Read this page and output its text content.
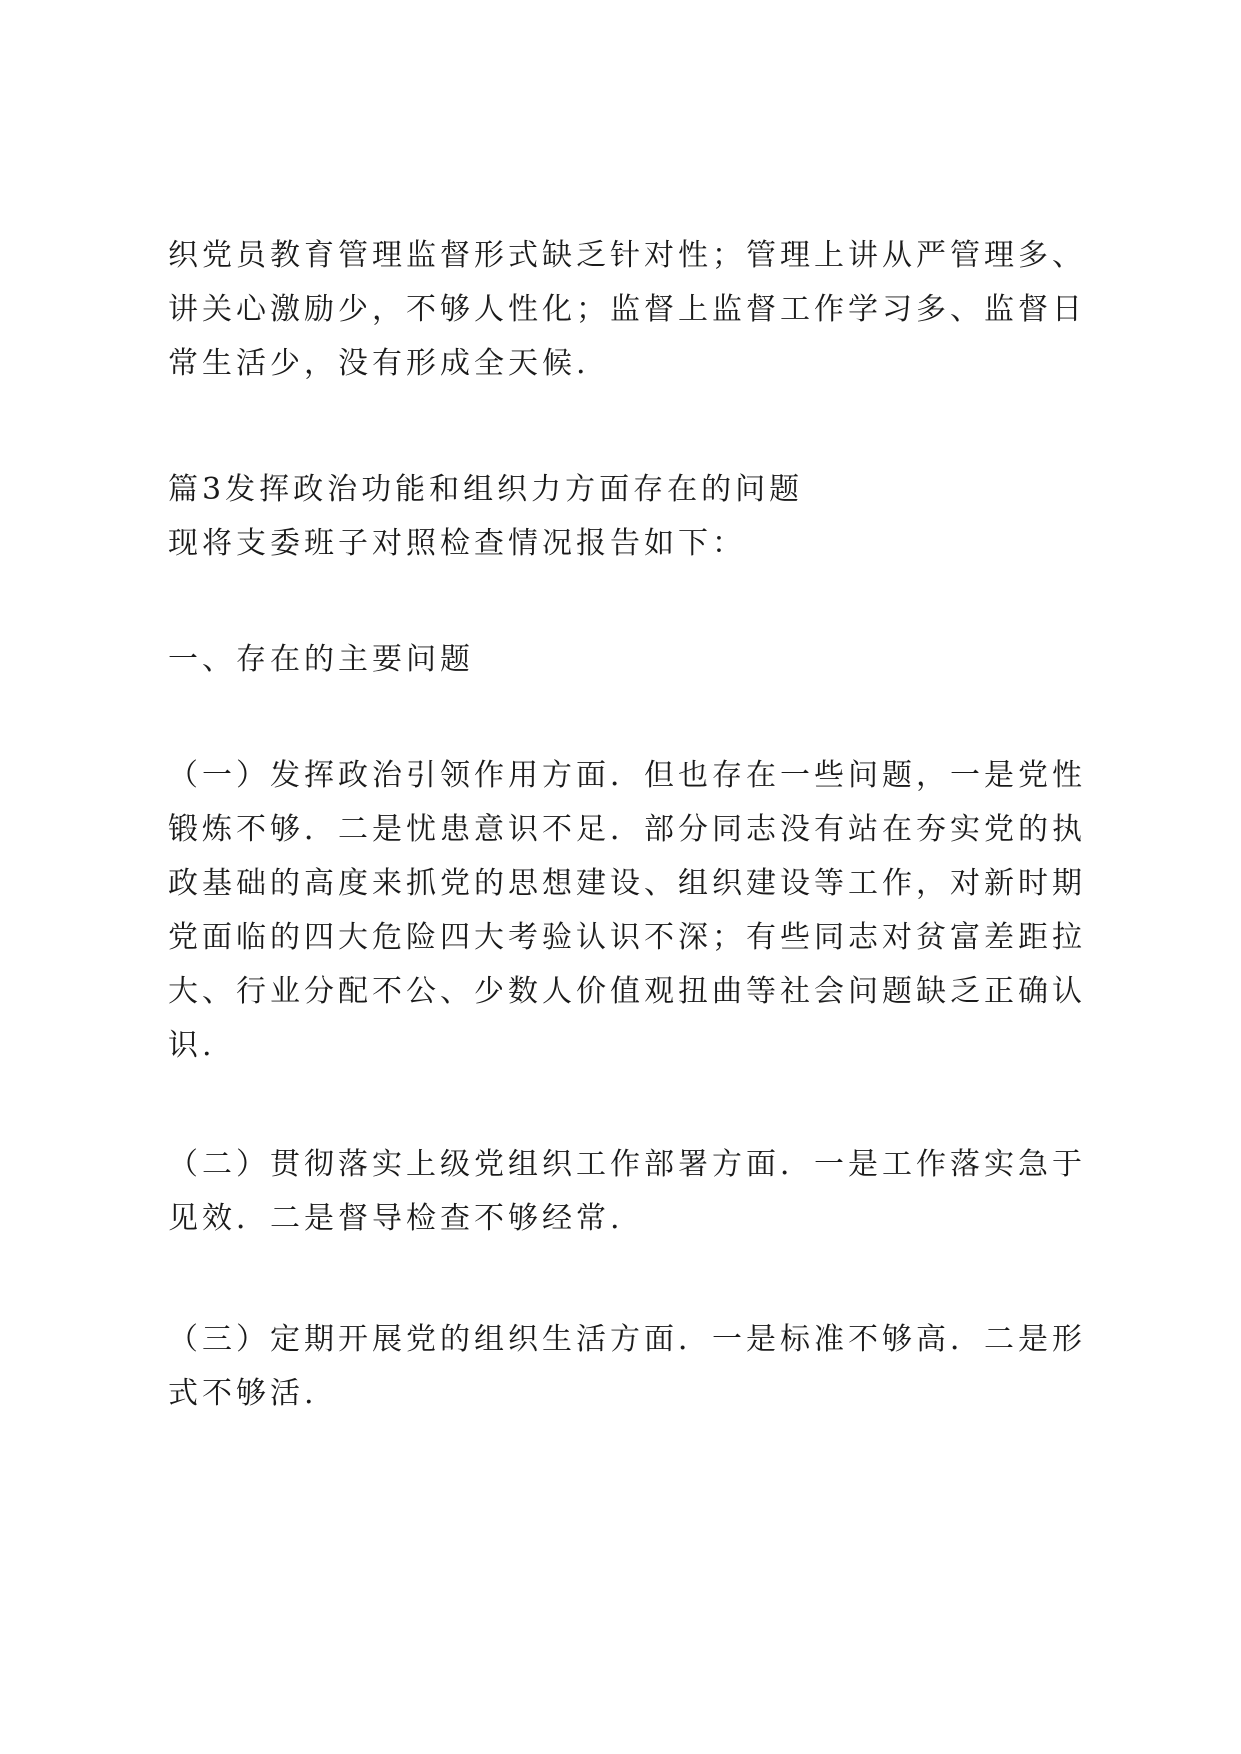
织党员教育管理监督形式缺乏针对性；管理上讲从严管理多、
讲关心激励少，不够人性化；监督上监督工作学习多、监督日
常生活少，没有形成全天候.
篇3发挥政治功能和组织力方面存在的问题
现将支委班子对照检查情况报告如下：
一、存在的主要问题
（一）发挥政治引领作用方面．但也存在一些问题，一是党性
锻炼不够．二是忧患意识不足．部分同志没有站在夯实党的执
政基础的高度来抓党的思想建设、组织建设等工作，对新时期
党面临的四大危险四大考验认识不深；有些同志对贫富差距拉
大、行业分配不公、少数人价值观扭曲等社会问题缺乏正确认
识.
（二）贯彻落实上级党组织工作部署方面．一是工作落实急于
见效．二是督导检查不够经常.
（三）定期开展党的组织生活方面．一是标准不够高．二是形
式不够活.
